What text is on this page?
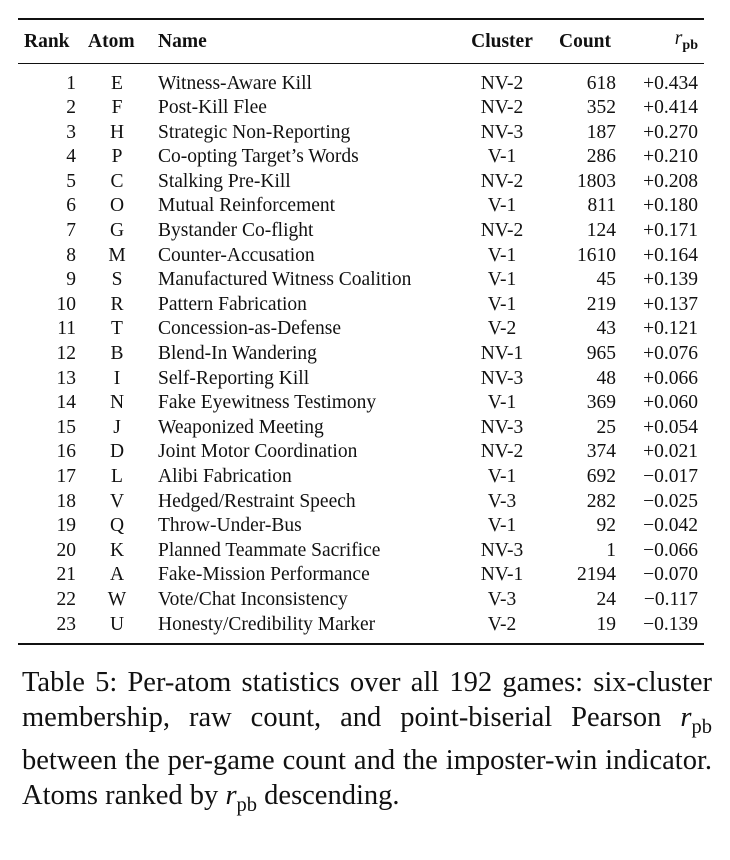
Rank	Atom	Name	Cluster	Count	$r_{pb}$
1	E	Witness-Aware Kill	NV-2	618	+0.434
2	F	Post-Kill Flee	NV-2	352	+0.414
3	H	Strategic Non-Reporting	NV-3	187	+0.270
4	P	Co-opting Target’s Words	V-1	286	+0.210
5	C	Stalking Pre-Kill	NV-2	1803	+0.208
6	O	Mutual Reinforcement	V-1	811	+0.180
7	G	Bystander Co-flight	NV-2	124	+0.171
8	M	Counter-Accusation	V-1	1610	+0.164
9	S	Manufactured Witness Coalition	V-1	45	+0.139
10	R	Pattern Fabrication	V-1	219	+0.137
11	T	Concession-as-Defense	V-2	43	+0.121
12	B	Blend-In Wandering	NV-1	965	+0.076
13	I	Self-Reporting Kill	NV-3	48	+0.066
14	N	Fake Eyewitness Testimony	V-1	369	+0.060
15	J	Weaponized Meeting	NV-3	25	+0.054
16	D	Joint Motor Coordination	NV-2	374	+0.021
17	L	Alibi Fabrication	V-1	692	−0.017
18	V	Hedged/Restraint Speech	V-3	282	−0.025
19	Q	Throw-Under-Bus	V-1	92	−0.042
20	K	Planned Teammate Sacrifice	NV-3	1	−0.066
21	A	Fake-Mission Performance	NV-1	2194	−0.070
22	W	Vote/Chat Inconsistency	V-3	24	−0.117
23	U	Honesty/Credibility Marker	V-2	19	−0.139
Table 5: Per-atom statistics over all 192 games: six-cluster membership, raw count, and point-biserial Pearson $r_{pb}$ between the per-game count and the imposter-win indicator. Atoms ranked by $r_{pb}$ descending.
